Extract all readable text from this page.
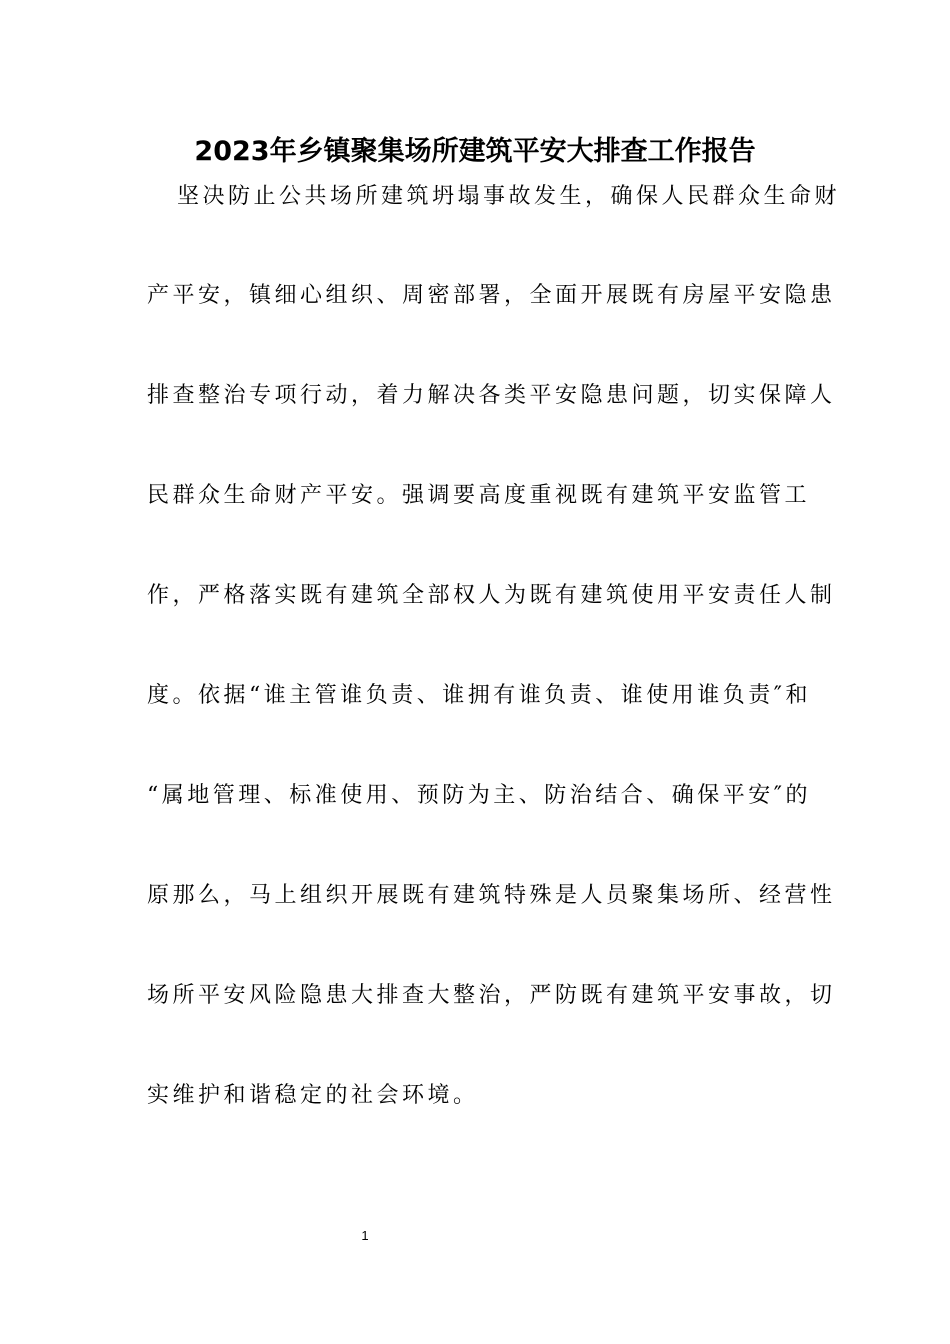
2023年乡镇聚集场所建筑平安大排查工作报告
坚决防止公共场所建筑坍塌事故发生，确保人民群众生命财
产平安，镇细心组织、周密部署，全面开展既有房屋平安隐患
排查整治专项行动，着力解决各类平安隐患问题，切实保障人
民群众生命财产平安。强调要高度重视既有建筑平安监管工
作，严格落实既有建筑全部权人为既有建筑使用平安责任人制
度。依据“谁主管谁负责、谁拥有谁负责、谁使用谁负责″和
“属地管理、标准使用、预防为主、防治结合、确保平安″的
原那么，马上组织开展既有建筑特殊是人员聚集场所、经营性
场所平安风险隐患大排查大整治，严防既有建筑平安事故，切
实维护和谐稳定的社会环境。
1
